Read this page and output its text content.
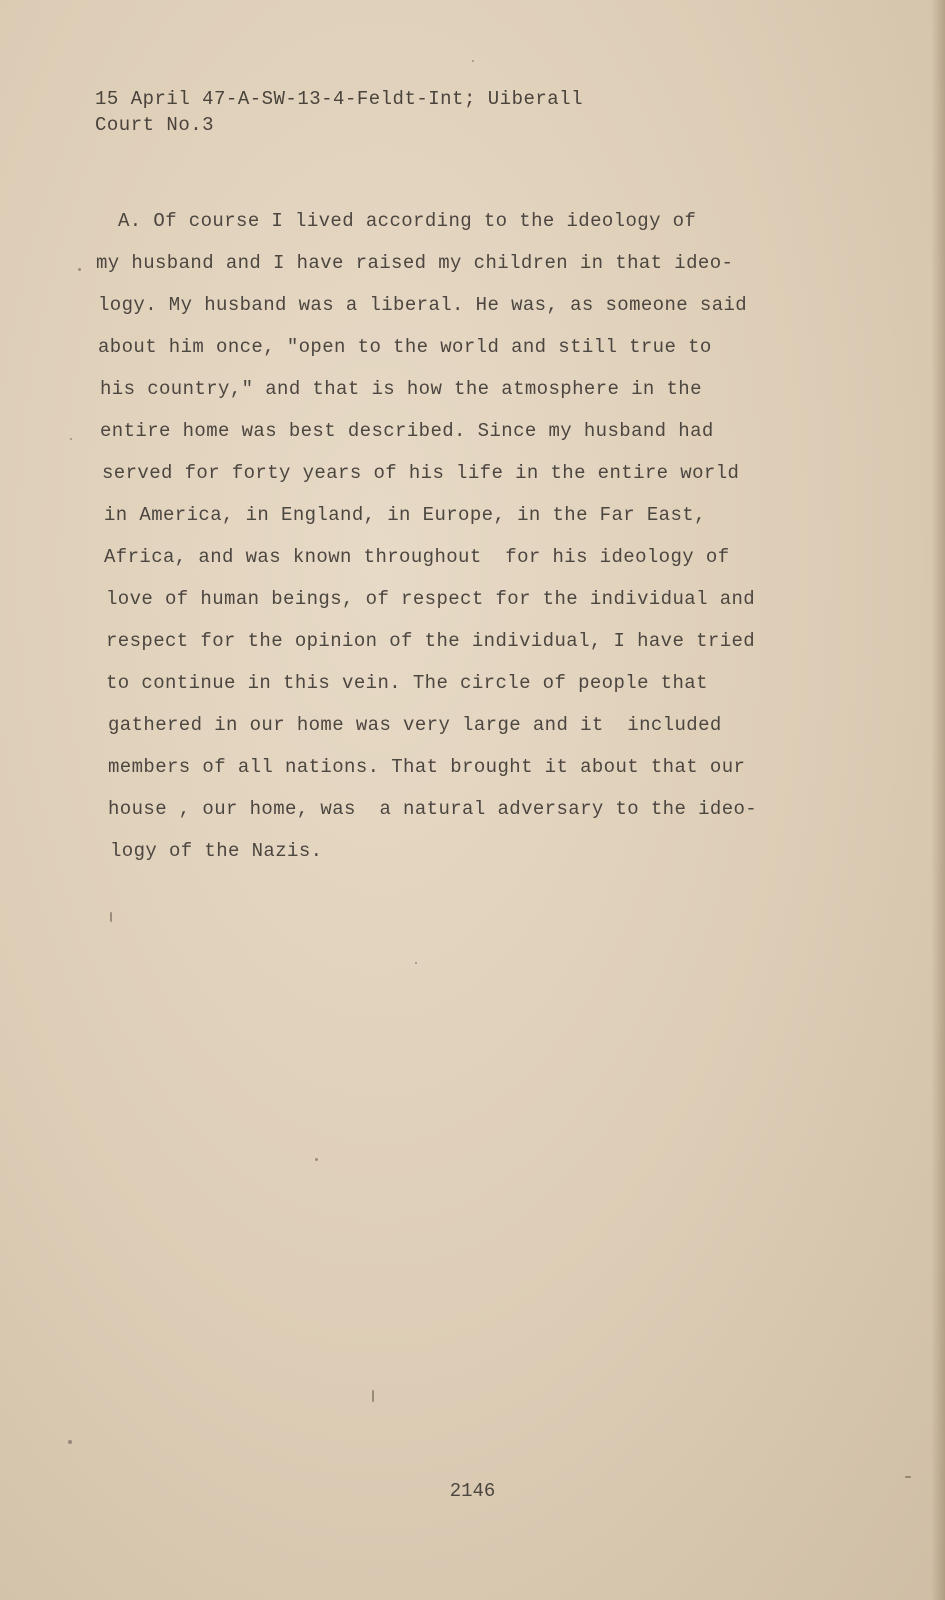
15 April 47-A-SW-13-4-Feldt-Int; Uiberall
Court No.3
A. Of course I lived according to the ideology of
my husband and I have raised my children in that ideo-
logy. My husband was a liberal. He was, as someone said
about him once, "open to the world and still true to
his country," and that is how the atmosphere in the
entire home was best described. Since my husband had
served for forty years of his life in the entire world
in America, in England, in Europe, in the Far East,
Africa, and was known throughout  for his ideology of
love of human beings, of respect for the individual and
respect for the opinion of the individual, I have tried
to continue in this vein. The circle of people that
gathered in our home was very large and it  included
members of all nations. That brought it about that our
house , our home, was  a natural adversary to the ideo-
logy of the Nazis.
2146
